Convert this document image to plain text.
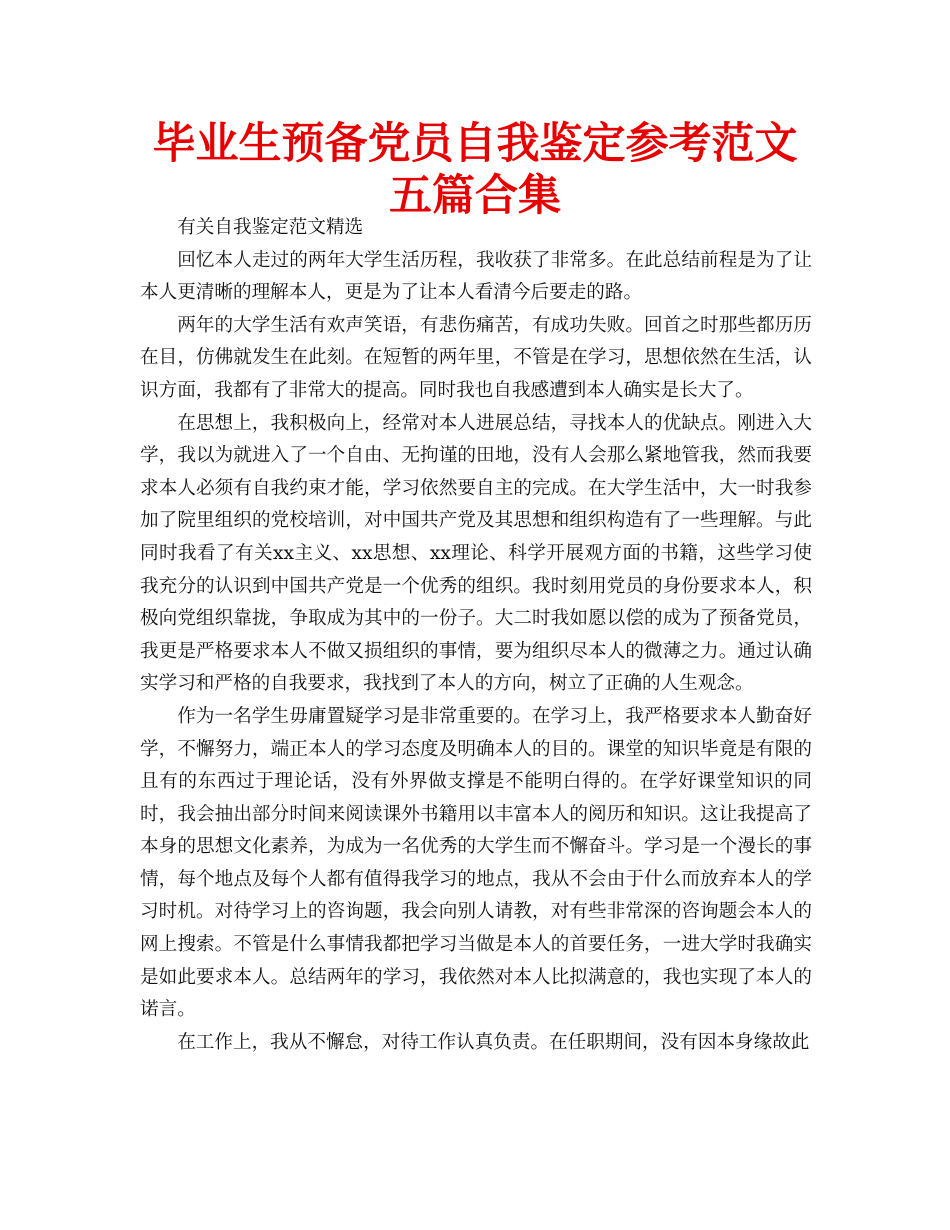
毕业生预备党员自我鉴定参考范文五篇合集

有关自我鉴定范文精选

回忆本人走过的两年大学生活历程，我收获了非常多。在此总结前程是为了让本人更清晰的理解本人，更是为了让本人看清今后要走的路。

两年的大学生活有欢声笑语，有悲伤痛苦，有成功失败。回首之时那些都历历在目，仿佛就发生在此刻。在短暂的两年里，不管是在学习，思想依然在生活，认识方面，我都有了非常大的提高。同时我也自我感遭到本人确实是长大了。

在思想上，我积极向上，经常对本人进展总结，寻找本人的优缺点。刚进入大学，我以为就进入了一个自由、无拘谨的田地，没有人会那么紧地管我，然而我要求本人必须有自我约束才能，学习依然要自主的完成。在大学生活中，大一时我参加了院里组织的党校培训，对中国共产党及其思想和组织构造有了一些理解。与此同时我看了有关xx主义、xx思想、xx理论、科学开展观方面的书籍，这些学习使我充分的认识到中国共产党是一个优秀的组织。我时刻用党员的身份要求本人，积极向党组织靠拢，争取成为其中的一份子。大二时我如愿以偿的成为了预备党员，我更是严格要求本人不做又损组织的事情，要为组织尽本人的微薄之力。通过认确实学习和严格的自我要求，我找到了本人的方向，树立了正确的人生观念。

作为一名学生毋庸置疑学习是非常重要的。在学习上，我严格要求本人勤奋好学，不懈努力，端正本人的学习态度及明确本人的目的。课堂的知识毕竟是有限的且有的东西过于理论话，没有外界做支撑是不能明白得的。在学好课堂知识的同时，我会抽出部分时间来阅读课外书籍用以丰富本人的阅历和知识。这让我提高了本身的思想文化素养，为成为一名优秀的大学生而不懈奋斗。学习是一个漫长的事情，每个地点及每个人都有值得我学习的地点，我从不会由于什么而放弃本人的学习时机。对待学习上的咨询题，我会向别人请教，对有些非常深的咨询题会本人的网上搜索。不管是什么事情我都把学习当做是本人的首要任务，一进大学时我确实是如此要求本人。总结两年的学习，我依然对本人比拟满意的，我也实现了本人的诺言。

在工作上，我从不懈怠，对待工作认真负责。在任职期间，没有因本身缘故此
